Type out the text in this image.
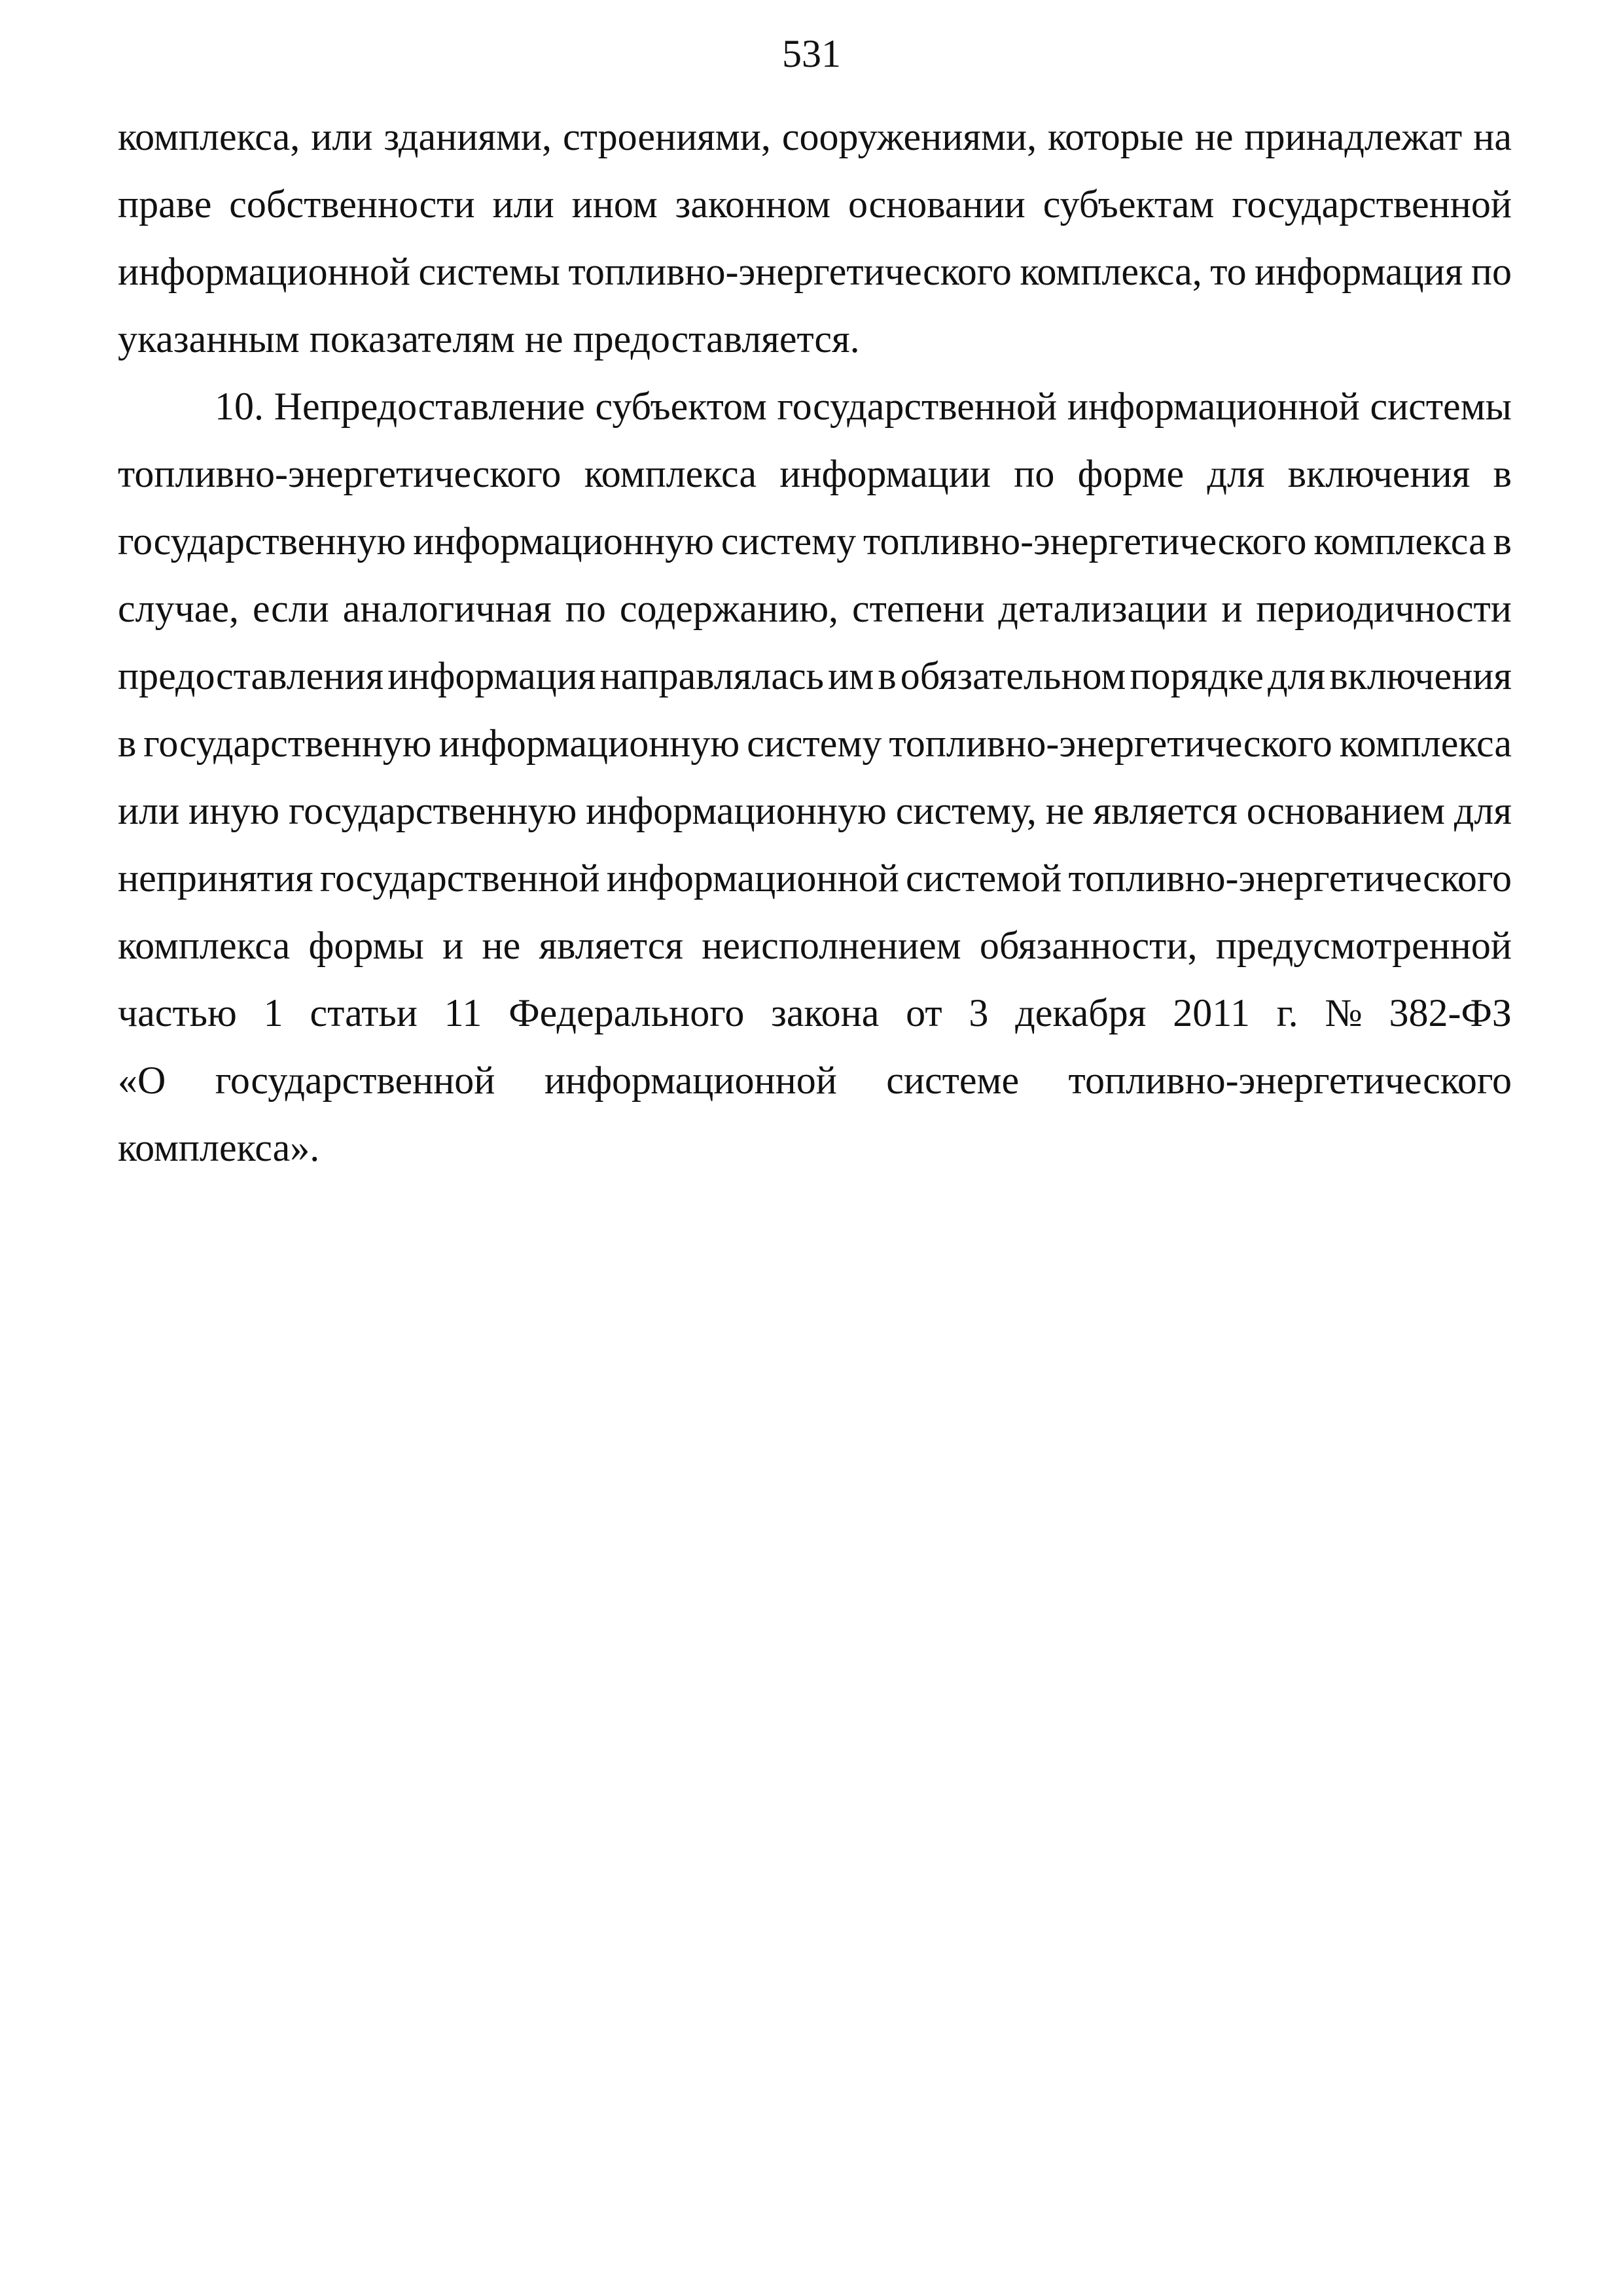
531
комплекса, или зданиями, строениями, сооружениями, которые не принадлежат на
праве собственности или ином законном основании субъектам государственной
информационной системы топливно-энергетического комплекса, то информация по
указанным показателям не предоставляется.
10. Непредоставление субъектом государственной информационной системы
топливно-энергетического комплекса информации по форме для включения в
государственную информационную систему топливно-энергетического комплекса в
случае, если аналогичная по содержанию, степени детализации и периодичности
предоставления информация направлялась им в обязательном порядке для включения
в государственную информационную систему топливно-энергетического комплекса
или иную государственную информационную систему, не является основанием для
непринятия государственной информационной системой топливно-энергетического
комплекса формы и не является неисполнением обязанности, предусмотренной
частью 1 статьи 11 Федерального закона от 3 декабря 2011 г. № 382-ФЗ
«О государственной информационной системе топливно-энергетического
комплекса».
